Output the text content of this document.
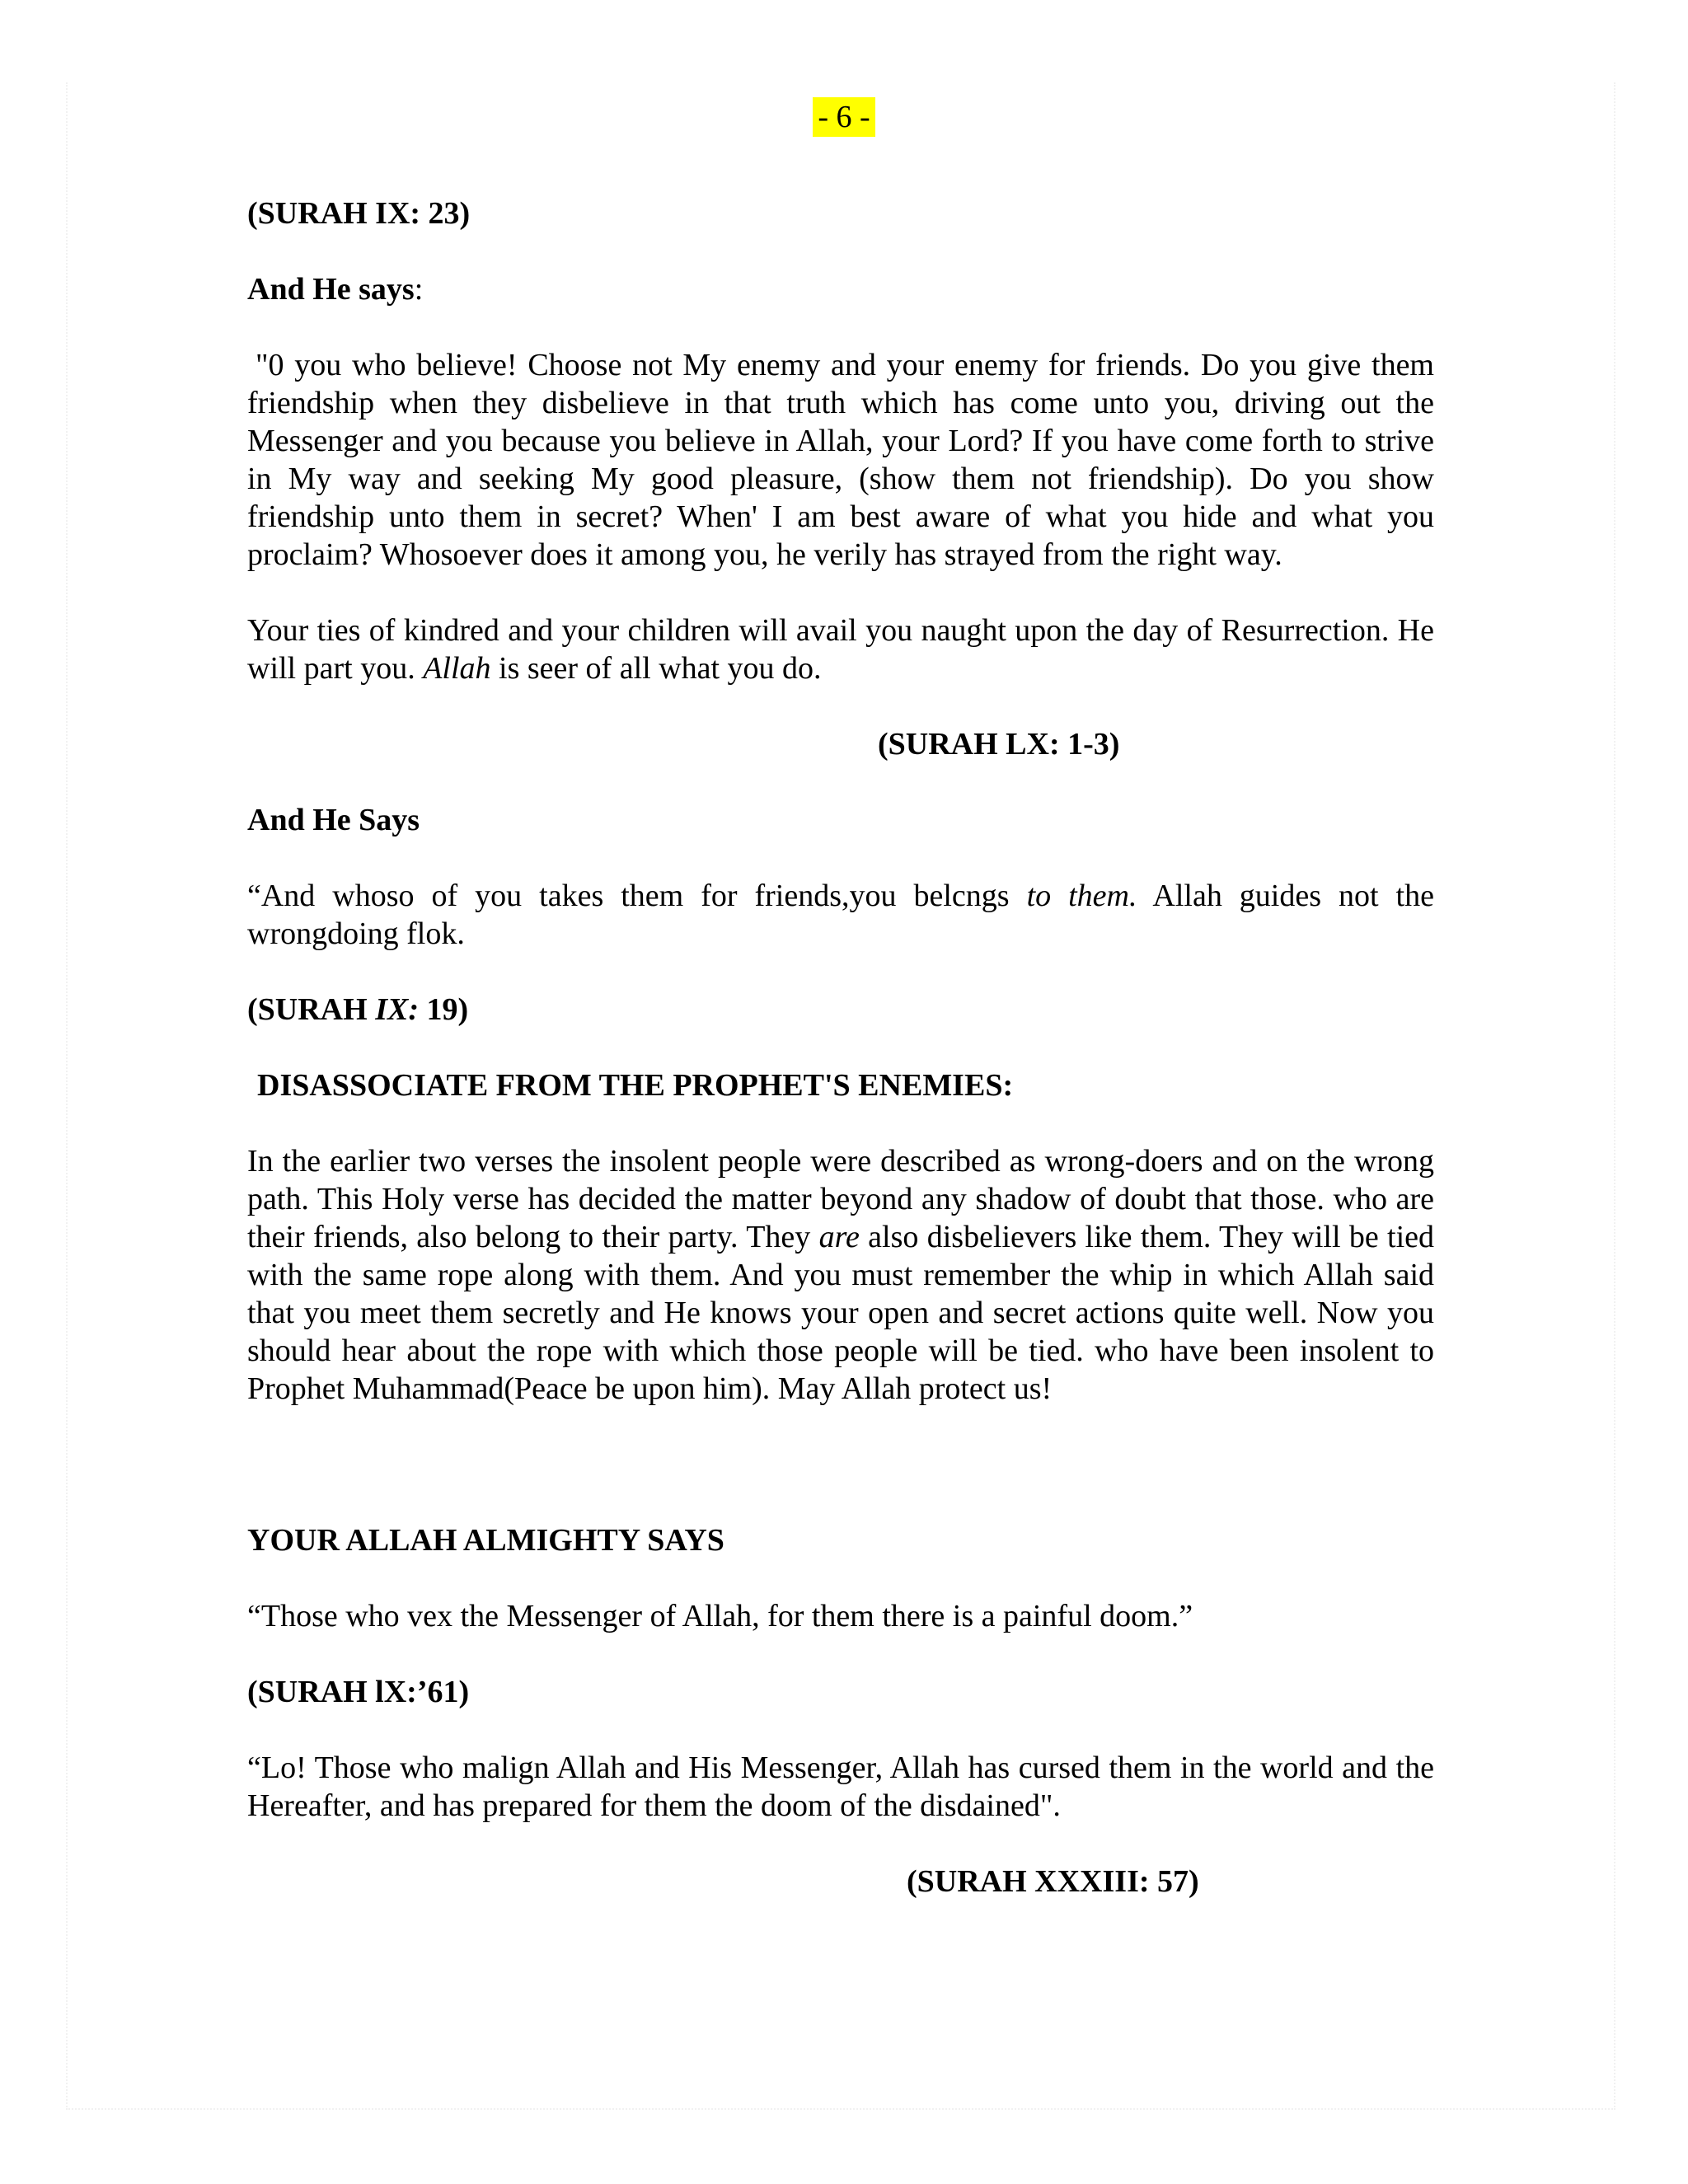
- 6 -

(SURAH IX: 23)

And He says:

"0 you who believe! Choose not My enemy and your enemy for friends. Do you give them friendship when they disbelieve in that truth which has come unto you, driving out the Messenger and you because you believe in Allah, your Lord? If you have come forth to strive in My way and seeking My good pleasure, (show them not friendship). Do you show friendship unto them in secret? When' I am best aware of what you hide and what you proclaim? Whosoever does it among you, he verily has strayed from the right way.

Your ties of kindred and your children will avail you naught upon the day of Resurrection. He will part you. Allah is seer of all what you do.

(SURAH LX: 1-3)

And He Says

“And whoso of you takes them for friends,you belcngs to them. Allah guides not the wrongdoing flok.

(SURAH IX: 19)

DISASSOCIATE FROM THE PROPHET'S ENEMIES:

In the earlier two verses the insolent people were described as wrong-doers and on the wrong path. This Holy verse has decided the matter beyond any shadow of doubt that those. who are their friends, also belong to their party. They are also disbelievers like them. They will be tied with the same rope along with them. And you must remember the whip in which Allah said that you meet them secretly and He knows your open and secret actions quite well. Now you should hear about the rope with which those people will be tied. who have been insolent to Prophet Muhammad(Peace be upon him). May Allah protect us!

YOUR ALLAH ALMIGHTY SAYS

“Those who vex the Messenger of Allah, for them there is a painful doom.”

(SURAH lX:’61)

“Lo! Those who malign Allah and His Messenger, Allah has cursed them in the world and the Hereafter, and has prepared for them the doom of the disdained".

(SURAH XXXIII: 57)
